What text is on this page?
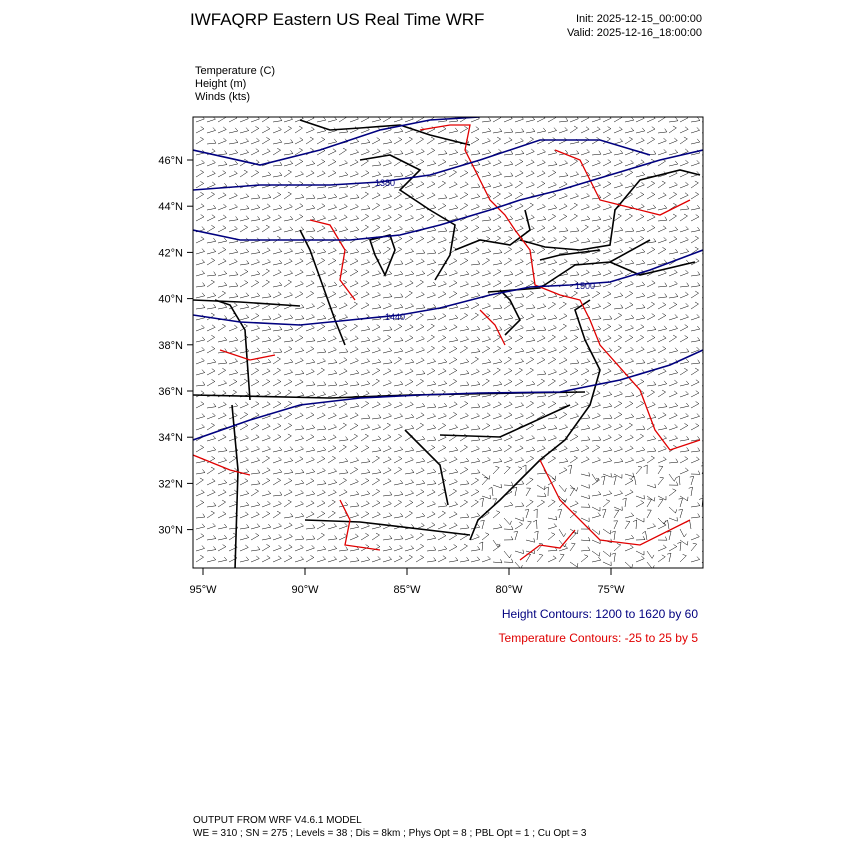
IWFAQRP Eastern US Real Time WRF	Init: 2025-12-15_00:00:00
Valid: 2025-12-16_18:00:00
Temperature (C)
Height (m)
Winds (kts)
46°N
44°N
42°N
40°N
38°N
36°N
34°N
32°N
30°N
95°W	90°W	85°W	80°W	75°W
1380
1440
1500
Height Contours: 1200 to 1620 by 60
Temperature Contours: -25 to 25 by 5
OUTPUT FROM WRF V4.6.1 MODEL
WE = 310 ; SN = 275 ; Levels = 38 ; Dis = 8km ; Phys Opt = 8 ; PBL Opt = 1 ; Cu Opt = 3
